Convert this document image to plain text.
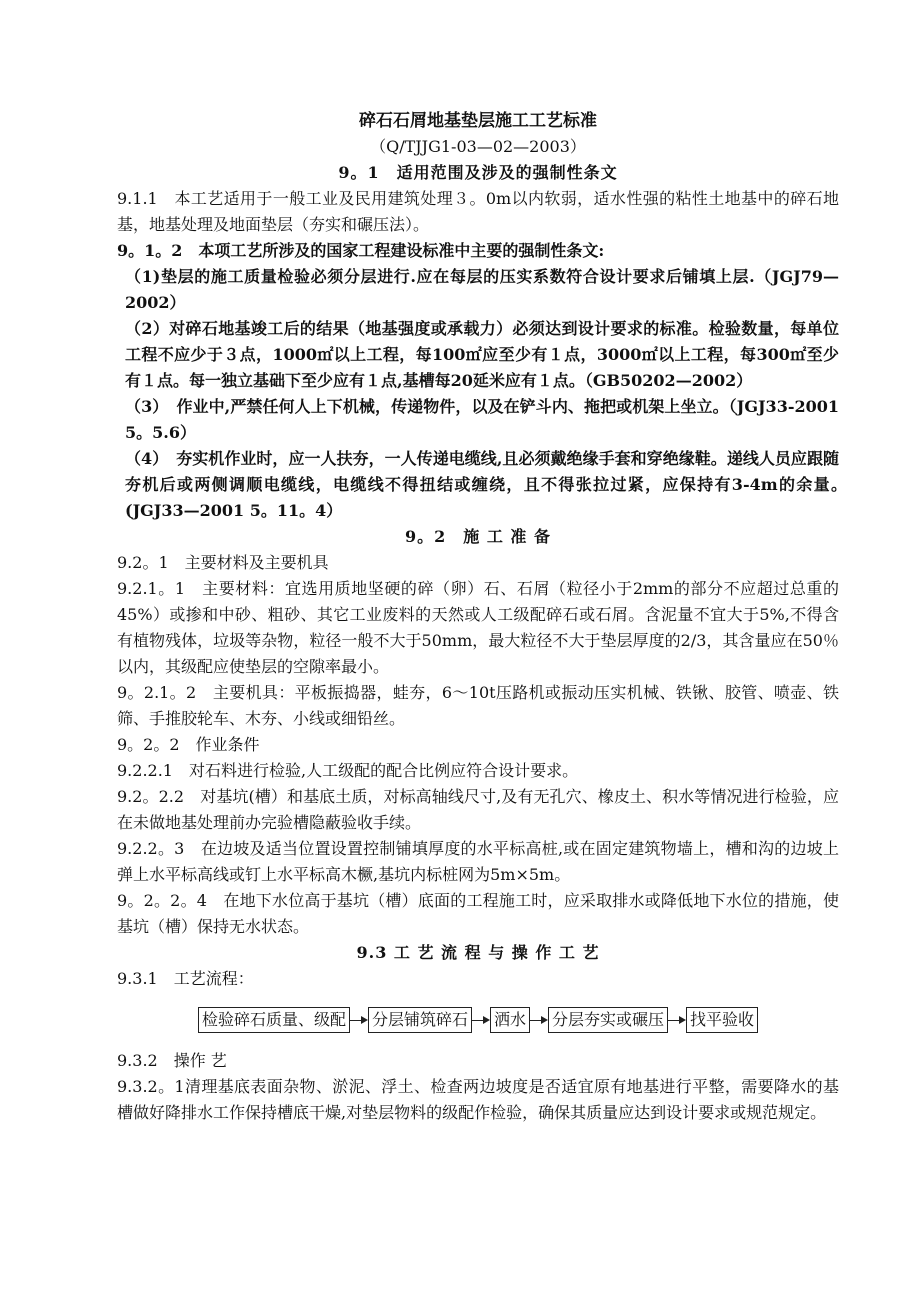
碎石石屑地基垫层施工工艺标准
（Q/TJJG1-03—02—2003）
9。1　适用范围及涉及的强制性条文

9.1.1　本工艺适用于一般工业及民用建筑处理３。0m以内软弱，适水性强的粘性土地基中的碎石地基，地基处理及地面垫层（夯实和碾压法）。

9。1。2　本项工艺所涉及的国家工程建设标准中主要的强制性条文:

（1)垫层的施工质量检验必须分层进行.应在每层的压实系数符合设计要求后铺填上层.（JGJ79—2002）

（2）对碎石地基竣工后的结果（地基强度或承载力）必须达到设计要求的标准。检验数量，每单位工程不应少于３点，1000㎡以上工程，每100㎡应至少有１点，3000㎡以上工程，每300㎡至少有１点。每一独立基础下至少应有１点,基槽每20延米应有１点。（GB50202—2002）

（3）　作业中,严禁任何人上下机械，传递物件，以及在铲斗内、拖把或机架上坐立。（JGJ33-2001 5。5.6）

（4）　夯实机作业时，应一人扶夯，一人传递电缆线,且必须戴绝缘手套和穿绝缘鞋。递线人员应跟随夯机后或两侧调顺电缆线，电缆线不得扭结或缠绕，且不得张拉过紧，应保持有3-4m的余量。　(JGJ33—2001 5。11。4）

9。2　施 工 准 备

9.2。1　主要材料及主要机具

9.2.1。1　主要材料：宜选用质地坚硬的碎（卵）石、石屑（粒径小于2mm的部分不应超过总重的45%）或掺和中砂、粗砂、其它工业废料的天然或人工级配碎石或石屑。含泥量不宜大于5%,不得含有植物残体，垃圾等杂物，粒径一般不大于50mm，最大粒径不大于垫层厚度的2/3，其含量应在50％以内，其级配应使垫层的空隙率最小。

9。2.1。2　主要机具：平板振捣器，蛙夯，6～10t压路机或振动压实机械、铁锹、胶管、喷壶、铁筛、手推胶轮车、木夯、小线或细铅丝。

9。2。2　作业条件

9.2.2.1　对石料进行检验,人工级配的配合比例应符合设计要求。

9.2。2.2　对基坑(槽）和基底土质，对标高轴线尺寸,及有无孔穴、橡皮土、积水等情况进行检验，应在未做地基处理前办完验槽隐蔽验收手续。

9.2.2。3　在边坡及适当位置设置控制铺填厚度的水平标高桩,或在固定建筑物墙上，槽和沟的边坡上弹上水平标高线或钉上水平标高木橛,基坑内标桩网为5m×5m。

9。2。2。4　在地下水位高于基坑（槽）底面的工程施工时，应采取排水或降低地下水位的措施，使基坑（槽）保持无水状态。

9.3 工 艺 流 程 与 操 作 工 艺

9.3.1　工艺流程：

检验碎石质量、级配 分层铺筑碎石 洒水 分层夯实或碾压 找平验收

9.3.2　操作 艺

9.3.2。1清理基底表面杂物、淤泥、浮土、检查两边坡度是否适宜原有地基进行平整，需要降水的基槽做好降排水工作保持槽底干燥,对垫层物料的级配作检验，确保其质量应达到设计要求或规范规定。
